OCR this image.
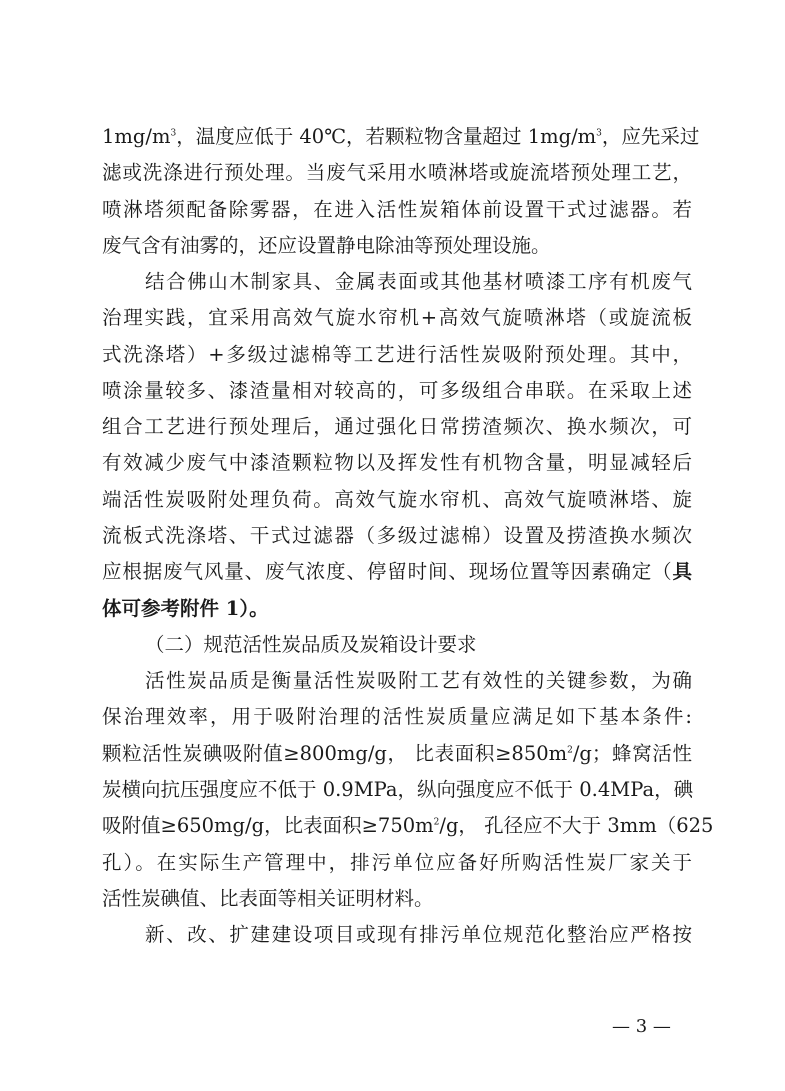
$1mg/m^3$，温度应低于 40℃，若颗粒物含量超过 $1mg/m^3$，应先采过
滤或洗涤进行预处理。当废气采用水喷淋塔或旋流塔预处理工艺，
喷淋塔须配备除雾器，在进入活性炭箱体前设置干式过滤器。若
废气含有油雾的，还应设置静电除油等预处理设施。
结合佛山木制家具、金属表面或其他基材喷漆工序有机废气
治理实践，宜采用高效气旋水帘机+高效气旋喷淋塔（或旋流板
式洗涤塔）+多级过滤棉等工艺进行活性炭吸附预处理。其中，
喷涂量较多、漆渣量相对较高的，可多级组合串联。在采取上述
组合工艺进行预处理后，通过强化日常捞渣频次、换水频次，可
有效减少废气中漆渣颗粒物以及挥发性有机物含量，明显减轻后
端活性炭吸附处理负荷。高效气旋水帘机、高效气旋喷淋塔、旋
流板式洗涤塔、干式过滤器（多级过滤棉）设置及捞渣换水频次
应根据废气风量、废气浓度、停留时间、现场位置等因素确定（具
体可参考附件 1）。
（二）规范活性炭品质及炭箱设计要求
活性炭品质是衡量活性炭吸附工艺有效性的关键参数，为确
保治理效率，用于吸附治理的活性炭质量应满足如下基本条件:
颗粒活性炭碘吸附值≥800mg/g， 比表面积$\ge 850m^2/g$；蜂窝活性
炭横向抗压强度应不低于 0.9MPa，纵向强度应不低于 0.4MPa，碘
吸附值≥650mg/g，比表面积$\ge 750m^2/g$， 孔径应不大于 3mm（625
孔）。在实际生产管理中，排污单位应备好所购活性炭厂家关于
活性炭碘值、比表面等相关证明材料。
新、改、扩建建设项目或现有排污单位规范化整治应严格按
— 3 —
